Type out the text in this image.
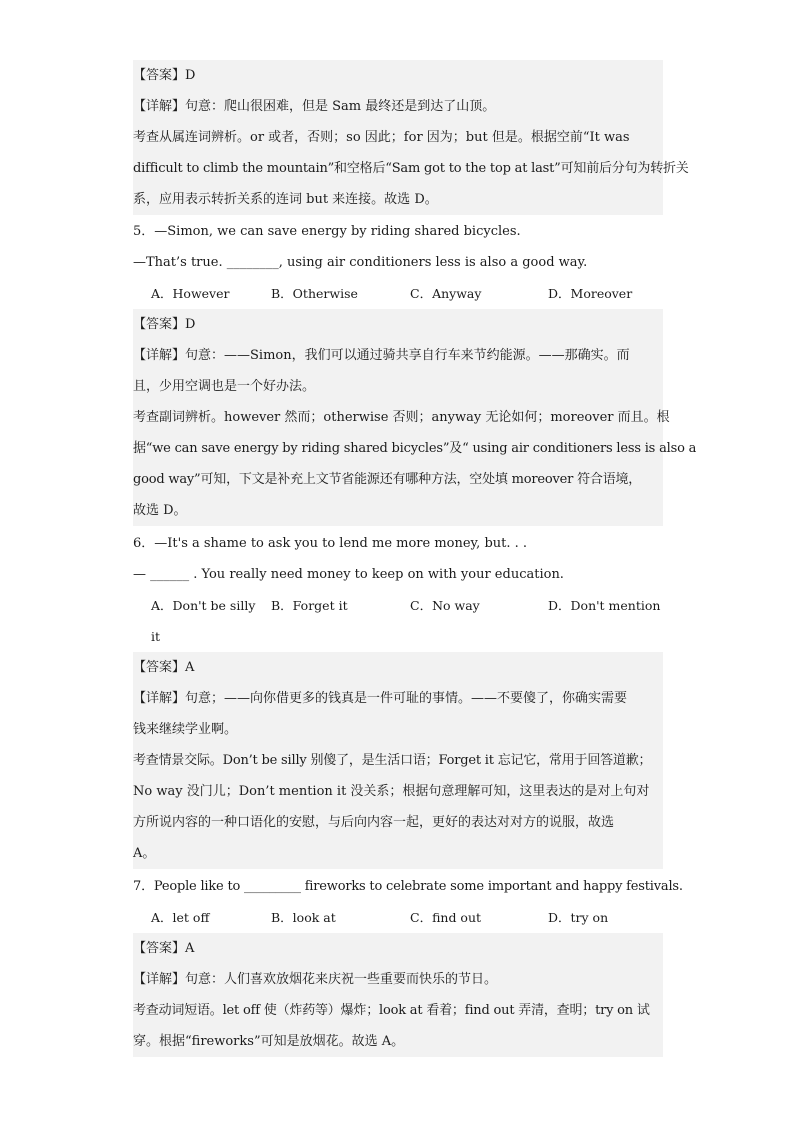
【答案】D
【详解】句意：爬山很困难，但是 Sam 最终还是到达了山顶。
考查从属连词辨析。or 或者，否则；so 因此；for 因为；but 但是。根据空前“It was
difficult to climb the mountain”和空格后“Sam got to the top at last”可知前后分句为转折关
系，应用表示转折关系的连词 but 来连接。故选 D。
5．—Simon, we can save energy by riding shared bicycles.
—That’s true. ________, using air conditioners less is also a good way.
A．However	B．Otherwise	C．Anyway	D．Moreover
【答案】D
【详解】句意：——Simon，我们可以通过骑共享自行车来节约能源。——那确实。而
且，少用空调也是一个好办法。
考查副词辨析。however 然而；otherwise 否则；anyway 无论如何；moreover 而且。根
据“we can save energy by riding shared bicycles”及“ using air conditioners less is also a
good way”可知，下文是补充上文节省能源还有哪种方法，空处填 moreover 符合语境，
故选 D。
6．—It's a shame to ask you to lend me more money, but. . .
— ______ . You really need money to keep on with your education.
A．Don't be silly B．Forget it	C．No way	D．Don't mention
it
【答案】A
【详解】句意；——向你借更多的钱真是一件可耻的事情。——不要傻了，你确实需要
钱来继续学业啊。
考查情景交际。Don’t be silly 别傻了，是生活口语；Forget it 忘记它，常用于回答道歉；
No way 没门儿；Don’t mention it 没关系；根据句意理解可知，这里表达的是对上句对
方所说内容的一种口语化的安慰，与后向内容一起，更好的表达对对方的说服，故选
A。
7．People like to _________ fireworks to celebrate some important and happy festivals.
A．let off	B．look at	C．find out	D．try on
【答案】A
【详解】句意：人们喜欢放烟花来庆祝一些重要而快乐的节日。
考查动词短语。let off 使（炸药等）爆炸；look at 看着；find out 弄清，查明；try on 试
穿。根据“fireworks”可知是放烟花。故选 A。
